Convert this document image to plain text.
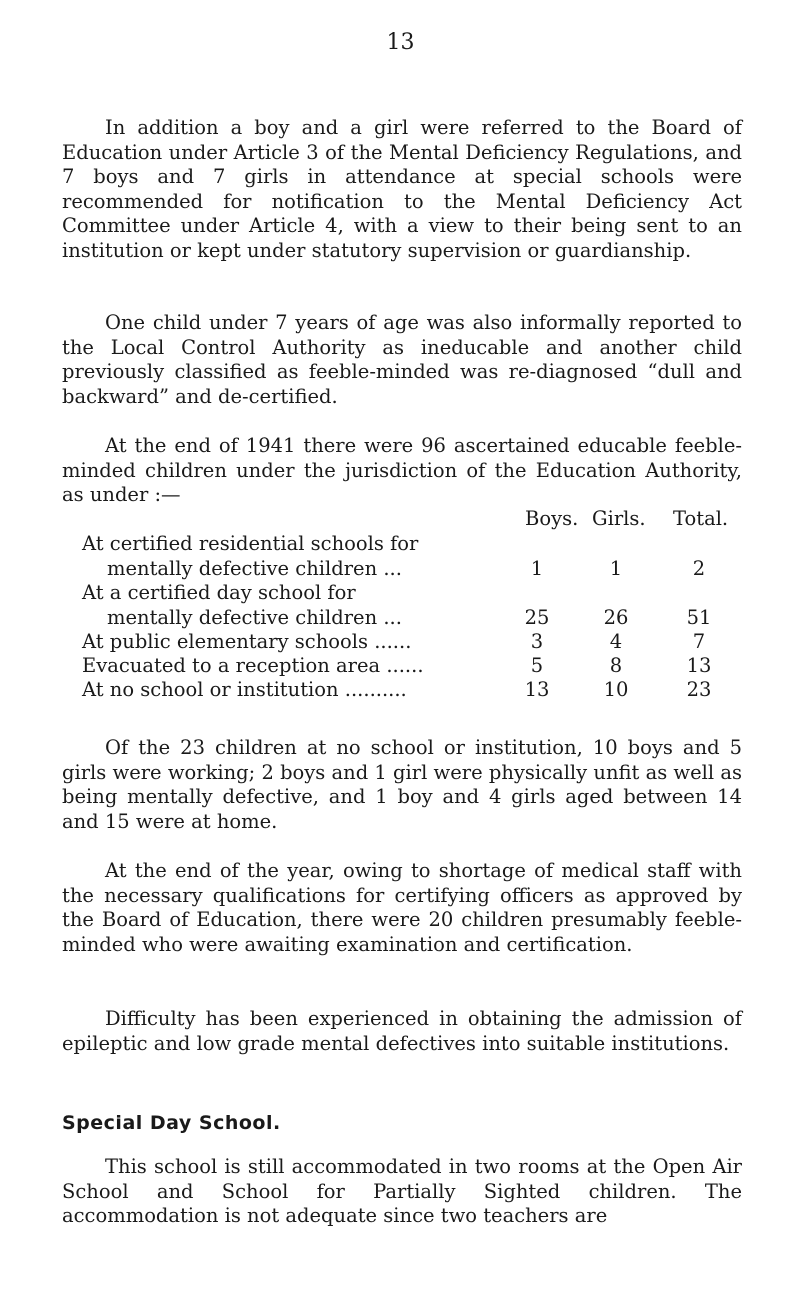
13

In addition a boy and a girl were referred to the Board of Education under Article 3 of the Mental Deficiency Regulations, and 7 boys and 7 girls in attendance at special schools were recommended for notification to the Mental Deficiency Act Committee under Article 4, with a view to their being sent to an institution or kept under statutory supervision or guardianship.

One child under 7 years of age was also informally reported to the Local Control Authority as ineducable and another child previously classified as feeble-minded was re-diagnosed “dull and backward” and de-certified.

At the end of 1941 there were 96 ascertained educable feeble-minded children under the jurisdiction of the Education Authority, as under :—

Boys. Girls. Total.
At certified residential schools for
mentally defective children ...	1	1	2
At a certified day school for
mentally defective children ...	25	26	51
At public elementary schools ......	3	4	7
Evacuated to a reception area ......	5	8	13
At no school or institution ..........	13	10	23

Of the 23 children at no school or institution, 10 boys and 5 girls were working; 2 boys and 1 girl were physically unfit as well as being mentally defective, and 1 boy and 4 girls aged between 14 and 15 were at home.

At the end of the year, owing to shortage of medical staff with the necessary qualifications for certifying officers as approved by the Board of Education, there were 20 children presumably feeble-minded who were awaiting examination and certification.

Difficulty has been experienced in obtaining the admission of epileptic and low grade mental defectives into suitable institutions.

Special Day School.

This school is still accommodated in two rooms at the Open Air School and School for Partially Sighted children. The accommodation is not adequate since two teachers are
